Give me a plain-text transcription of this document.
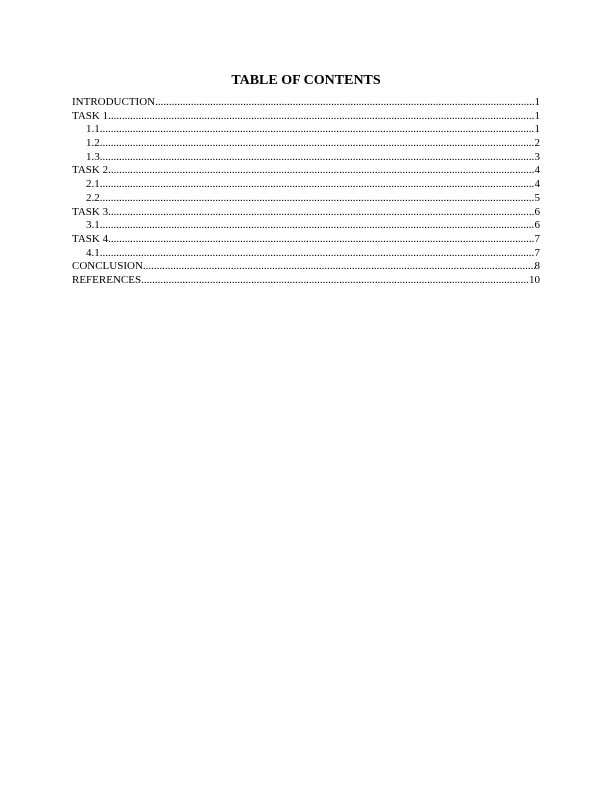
TABLE OF CONTENTS
INTRODUCTION .....	1
TASK 1 .....	1
1.1 .....	1
1.2 .....	2
1.3 .....	3
TASK 2 .....	4
2.1 .....	4
2.2 .....	5
TASK 3 .....	6
3.1 .....	6
TASK 4 .....	7
4.1 .....	7
CONCLUSION .....	8
REFERENCES .....	10
